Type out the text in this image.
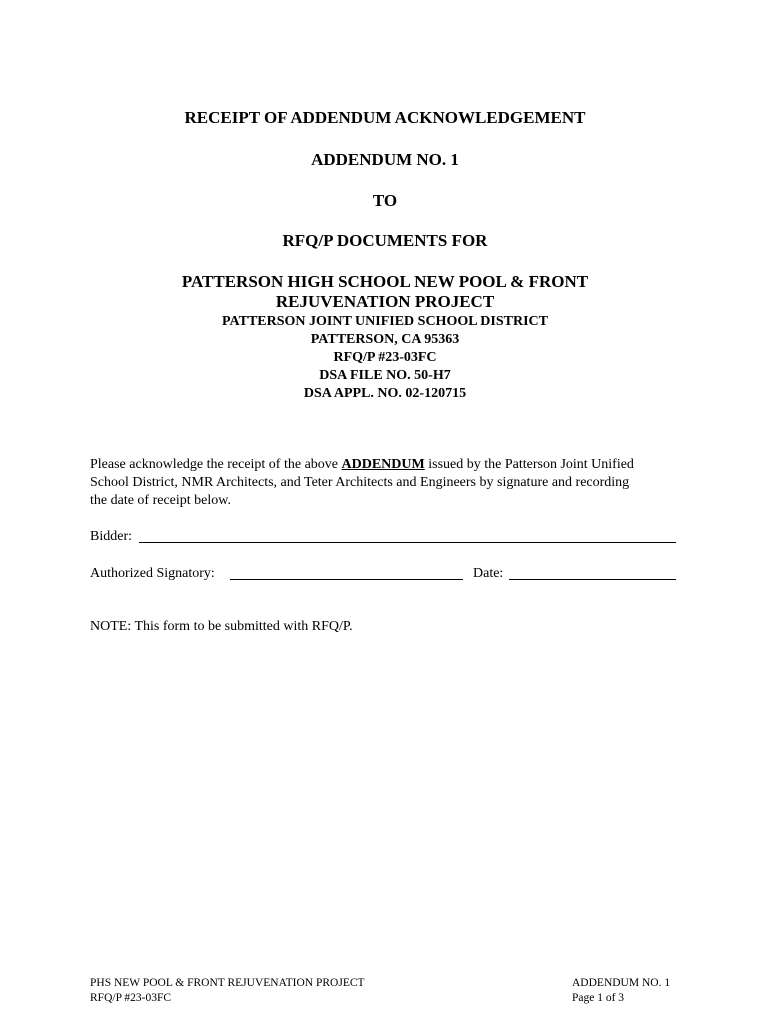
RECEIPT OF ADDENDUM ACKNOWLEDGEMENT

ADDENDUM NO. 1

TO

RFQ/P DOCUMENTS FOR

PATTERSON HIGH SCHOOL NEW POOL & FRONT

REJUVENATION PROJECT

PATTERSON JOINT UNIFIED SCHOOL DISTRICT

PATTERSON, CA 95363

RFQ/P #23-03FC

DSA FILE NO. 50-H7

DSA APPL. NO. 02-120715

Please acknowledge the receipt of the above ADDENDUM issued by the Patterson Joint Unified
School District, NMR Architects, and Teter Architects and Engineers by signature and recording
the date of receipt below.

Bidder:

Authorized Signatory:	Date:

NOTE: This form to be submitted with RFQ/P.

PHS NEW POOL & FRONT REJUVENATION PROJECT
RFQ/P #23-03FC
ADDENDUM NO. 1
Page 1 of 3
